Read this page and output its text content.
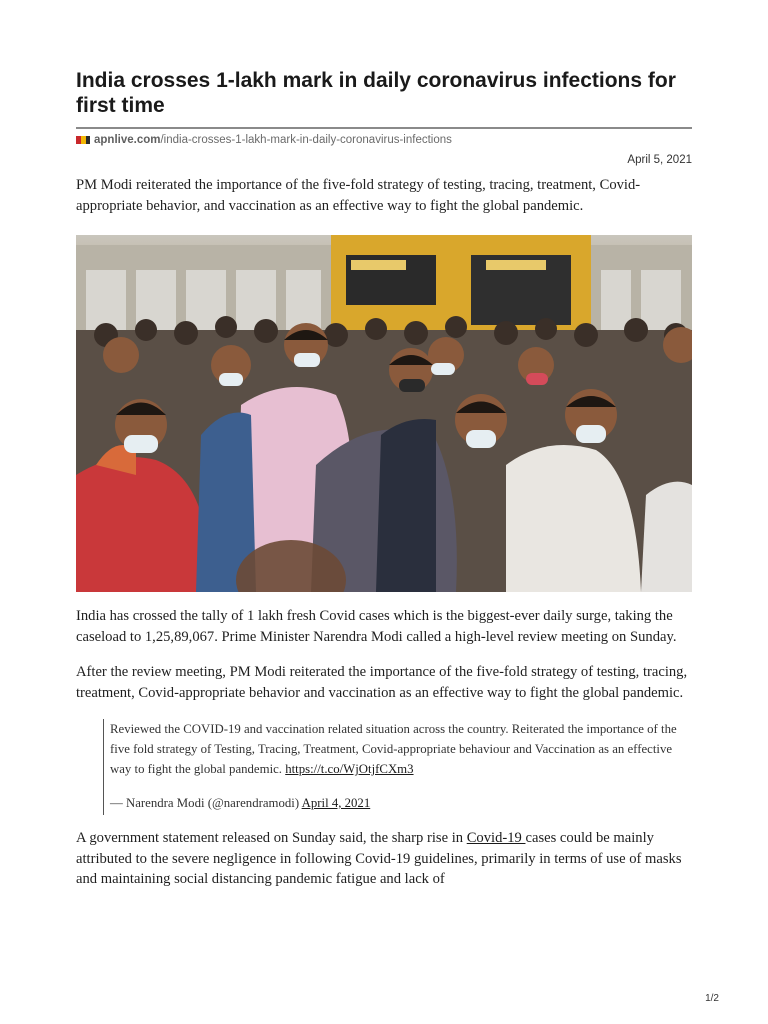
India crosses 1-lakh mark in daily coronavirus infections for first time
apnlive.com /india-crosses-1-lakh-mark-in-daily-coronavirus-infections
April 5, 2021

PM Modi reiterated the importance of the five-fold strategy of testing, tracing, treatment, Covid-appropriate behavior, and vaccination as an effective way to fight the global pandemic.

India has crossed the tally of 1 lakh fresh Covid cases which is the biggest-ever daily surge, taking the caseload to 1,25,89,067. Prime Minister Narendra Modi called a high-level review meeting on Sunday.

After the review meeting, PM Modi reiterated the importance of the five-fold strategy of testing, tracing, treatment, Covid-appropriate behavior and vaccination as an effective way to fight the global pandemic.

Reviewed the COVID-19 and vaccination related situation across the country. Reiterated the importance of the five fold strategy of Testing, Tracing, Treatment, Covid-appropriate behaviour and Vaccination as an effective way to fight the global pandemic. https://t.co/WjOtjfCXm3
— Narendra Modi (@narendramodi) April 4, 2021

A government statement released on Sunday said, the sharp rise in Covid-19 cases could be mainly attributed to the severe negligence in following Covid-19 guidelines, primarily in terms of use of masks and maintaining social distancing pandemic fatigue and lack of

1/2
